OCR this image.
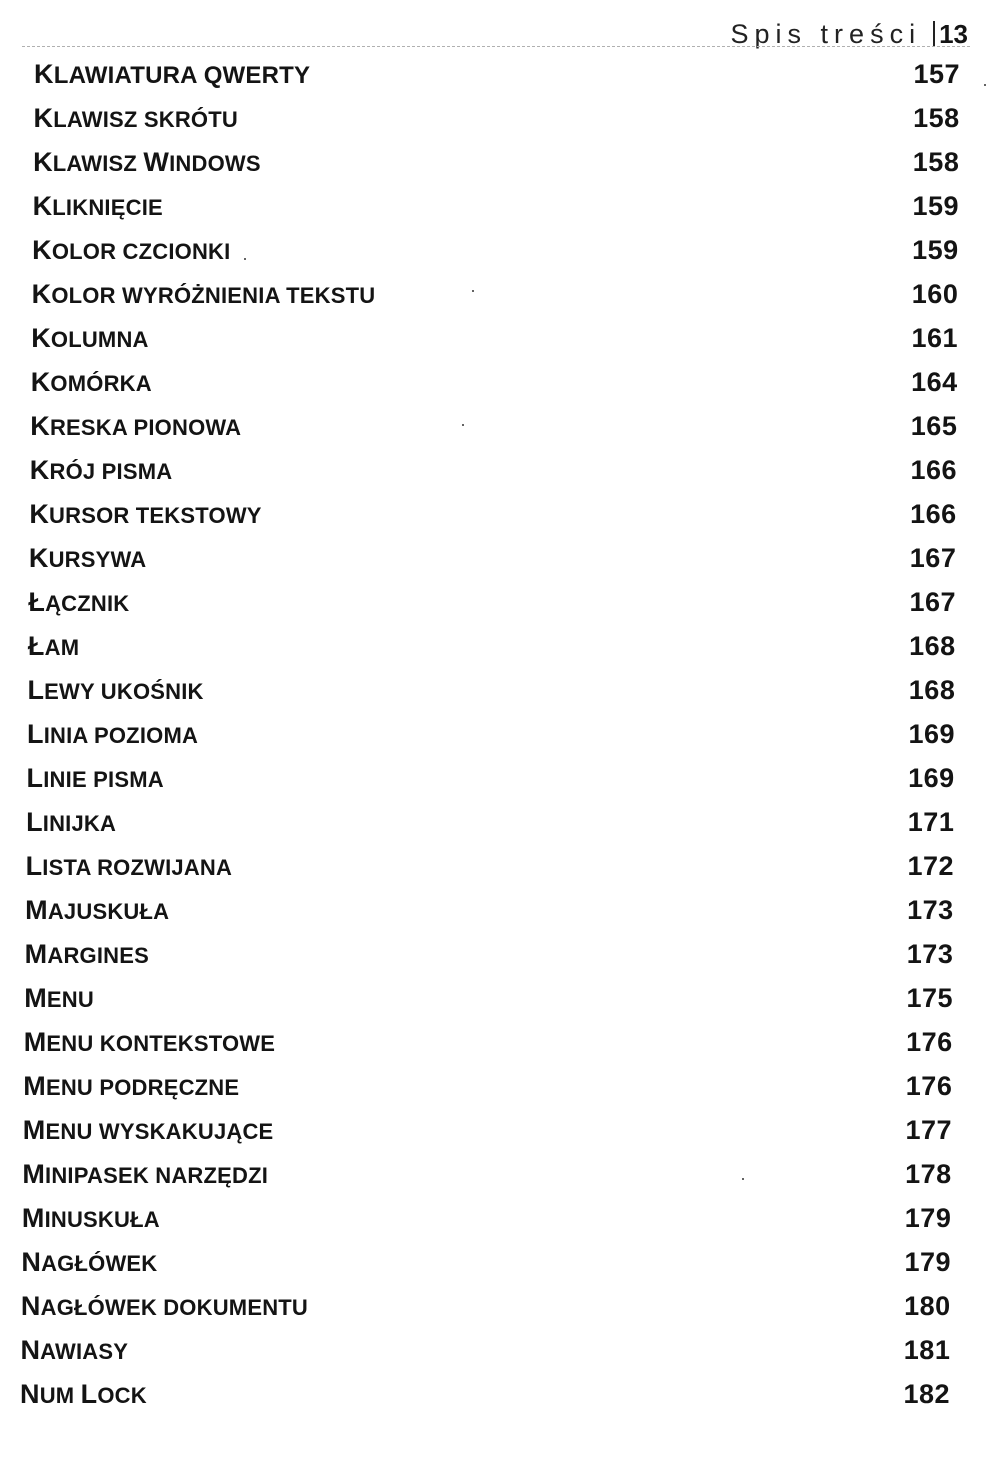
Spis treści 13
KLAWIATURA QWERTY	157
KLAWISZ SKRÓTU	158
KLAWISZ WINDOWS	158
KLIKNIĘCIE	159
KOLOR CZCIONKI	159
KOLOR WYRÓŻNIENIA TEKSTU	160
KOLUMNA	161
KOMÓRKA	164
KRESKA PIONOWA	165
KRÓJ PISMA	166
KURSOR TEKSTOWY	166
KURSYWA	167
ŁĄCZNIK	167
ŁAM	168
LEWY UKOŚNIK	168
LINIA POZIOMA	169
LINIE PISMA	169
LINIJKA	171
LISTA ROZWIJANA	172
MAJUSKUŁA	173
MARGINES	173
MENU	175
MENU KONTEKSTOWE	176
MENU PODRĘCZNE	176
MENU WYSKAKUJĄCE	177
MINIPASEK NARZĘDZI	178
MINUSKUŁA	179
NAGŁÓWEK	179
NAGŁÓWEK DOKUMENTU	180
NAWIASY	181
NUM LOCK	182
